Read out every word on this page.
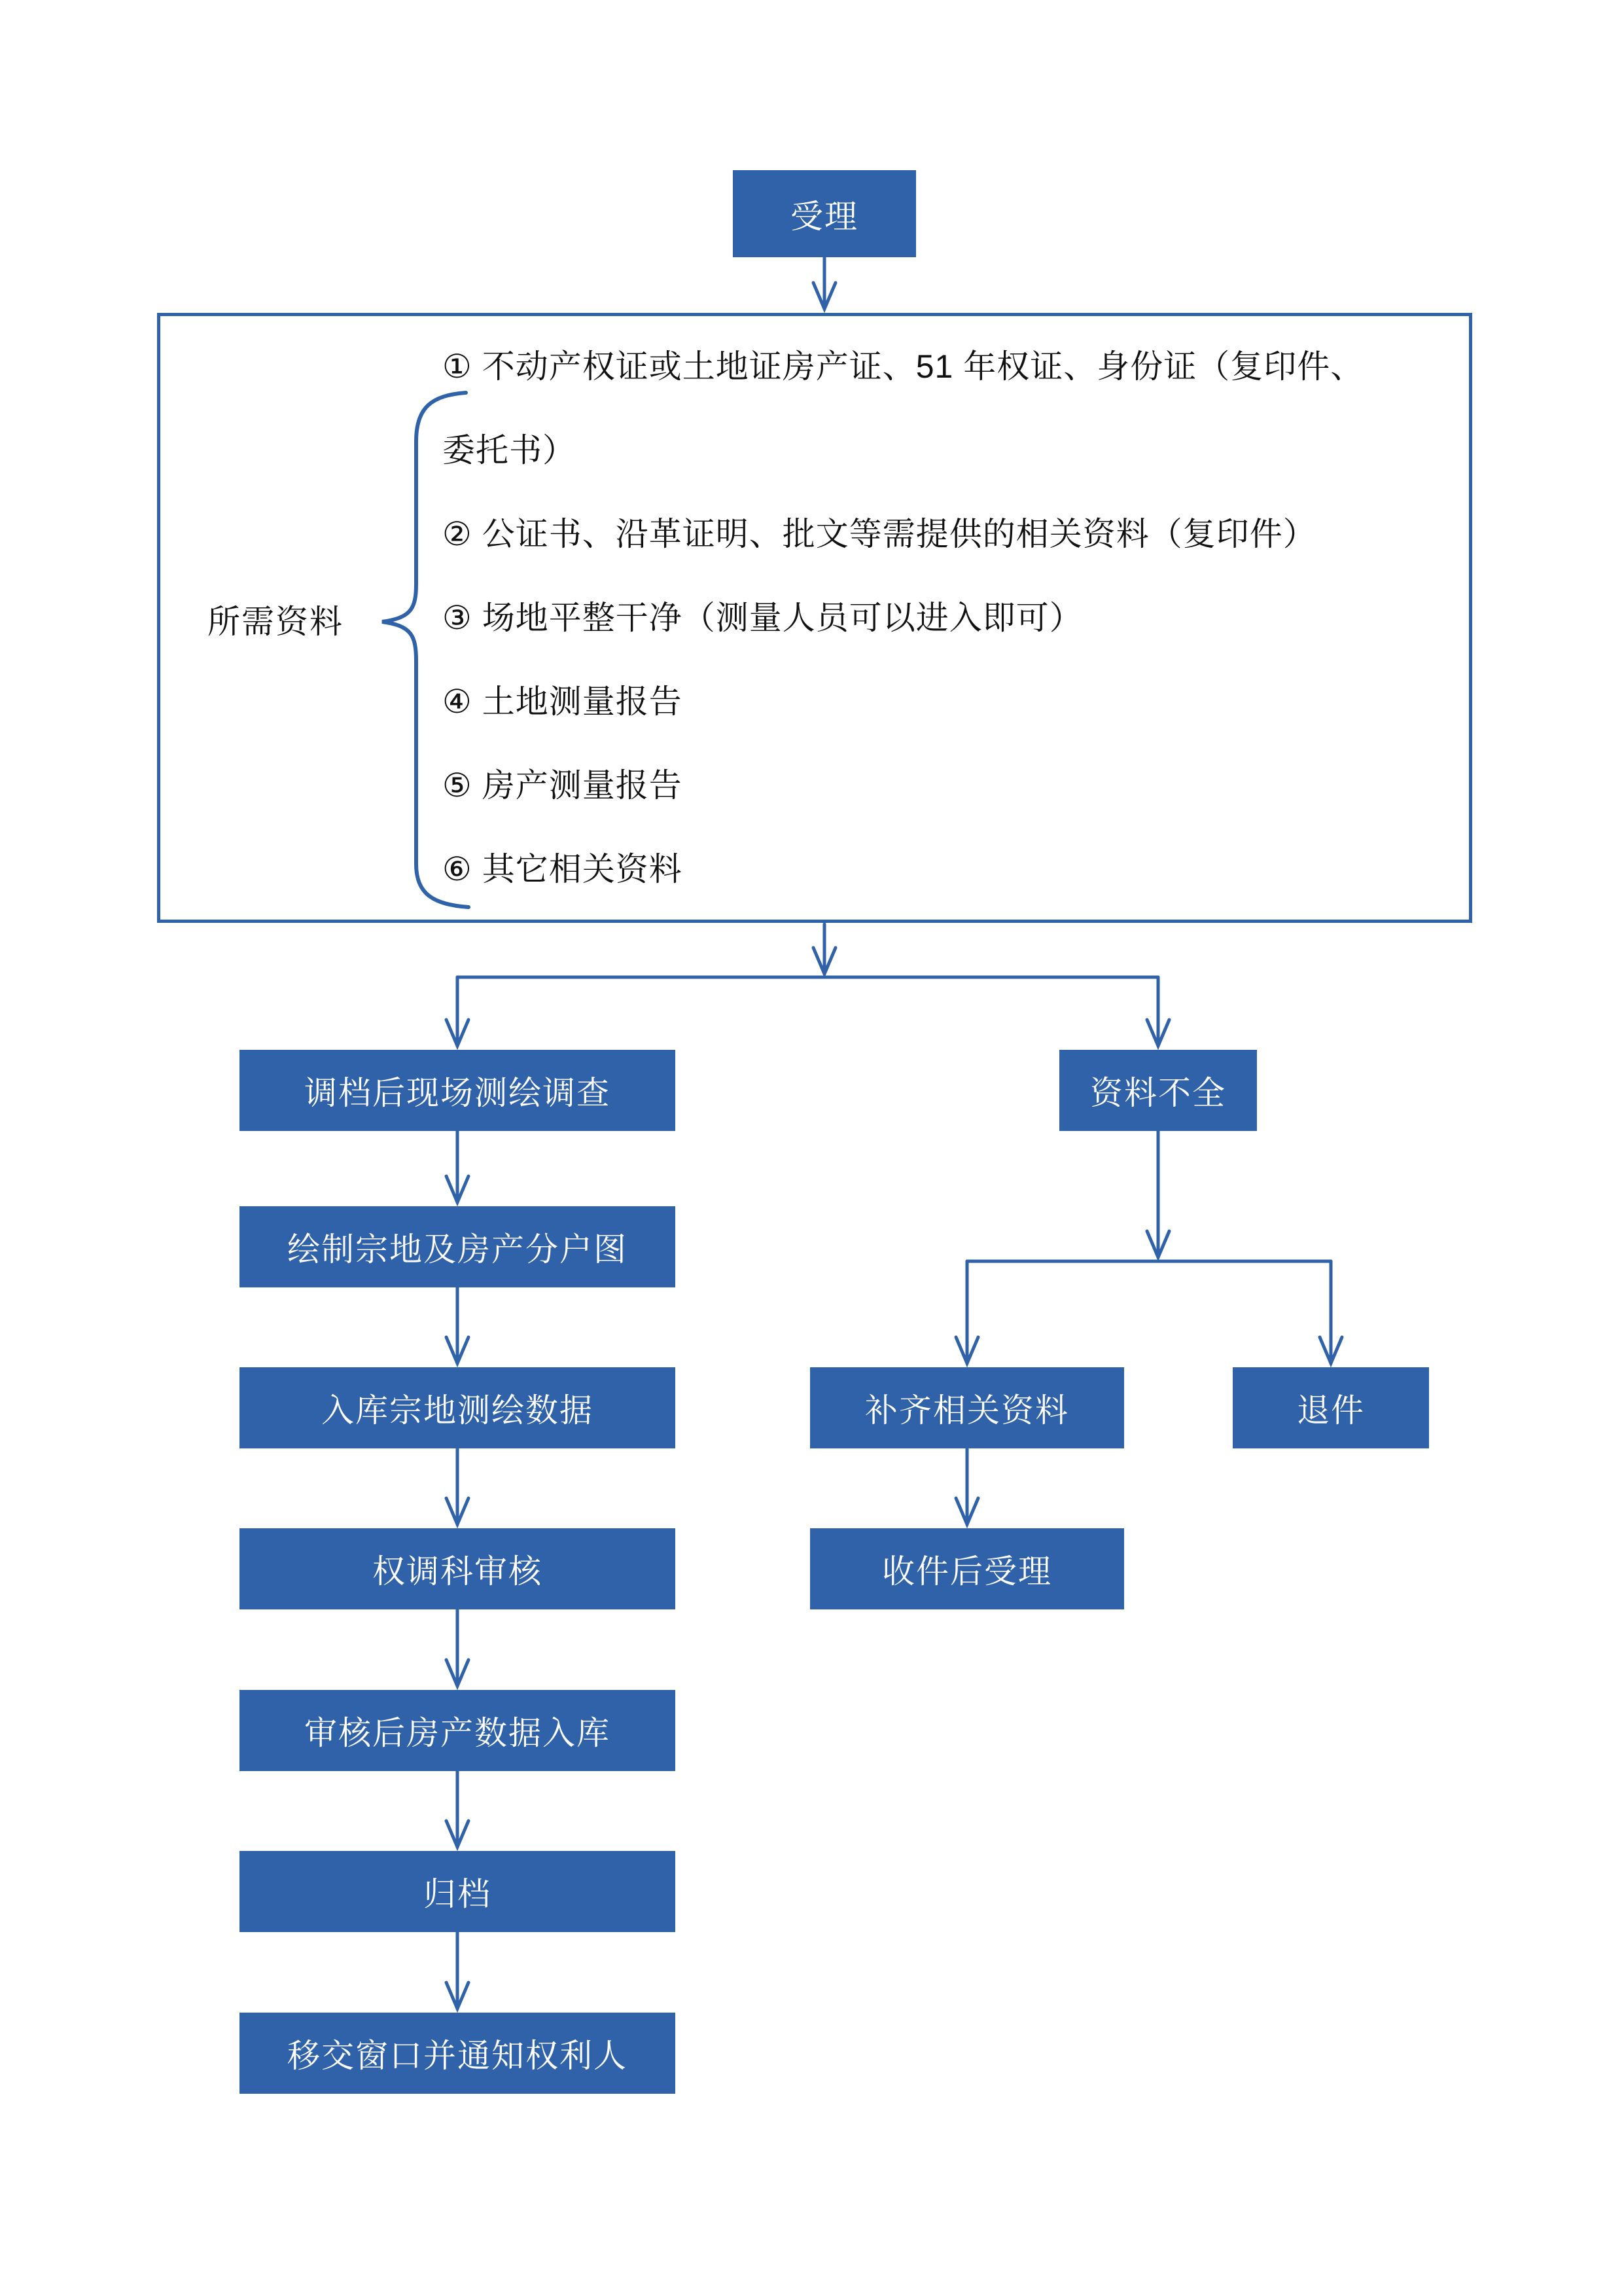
受理
所需资料
① 不动产权证或土地证房产证、51 年权证、身份证（复印件、
委托书）
② 公证书、沿革证明、批文等需提供的相关资料（复印件）
③ 场地平整干净（测量人员可以进入即可）
④ 土地测量报告
⑤ 房产测量报告
⑥ 其它相关资料
调档后现场测绘调查
绘制宗地及房产分户图
入库宗地测绘数据
权调科审核
审核后房产数据入库
归档
移交窗口并通知权利人
资料不全
补齐相关资料	退件
收件后受理
